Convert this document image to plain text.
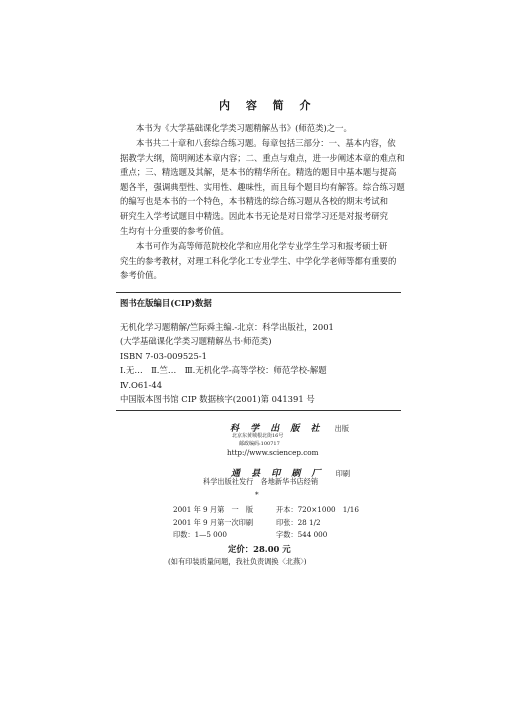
内 容 简 介
本书为《大学基础课化学类习题精解丛书》(师范类)之一。
本书共二十章和八套综合练习题。每章包括三部分：一、基本内容，依
据教学大纲，简明阐述本章内容；二、重点与难点，进一步阐述本章的难点和
重点；三、精选题及其解，是本书的精华所在。精选的题目中基本题与提高
题各半，强调典型性、实用性、趣味性，而且每个题目均有解答。综合练习题
的编写也是本书的一个特色，本书精选的综合练习题从各校的期末考试和
研究生入学考试题目中精选。因此本书无论是对日常学习还是对报考研究
生均有十分重要的参考价值。
本书可作为高等师范院校化学和应用化学专业学生学习和报考硕士研
究生的参考教材，对理工科化学化工专业学生、中学化学老师等都有重要的
参考价值。
图书在版编目(CIP)数据
无机化学习题精解/竺际舜主编.-北京：科学出版社，2001
(大学基础课化学类习题精解丛书·师范类)
ISBN 7-03-009525-1
Ⅰ.无…　Ⅱ.竺…　Ⅲ.无机化学-高等学校：师范学校-解题
Ⅳ.O61-44
中国版本图书馆 CIP 数据核字(2001)第 041391 号
科 学 出 版 社 出版
北京东黄城根北街16号
邮政编码:100717
http://www.sciencep.com
通 县 印 刷 厂 印刷
科学出版社发行　各地新华书店经销
*
2001 年 9 月第　一　版
2001 年 9 月第一次印刷
印数：1—5 000
开本：720×1000　1/16
印张：28 1/2
字数：544 000
定价：28.00 元
(如有印装质量问题，我社负责调换〈北燕〉)
